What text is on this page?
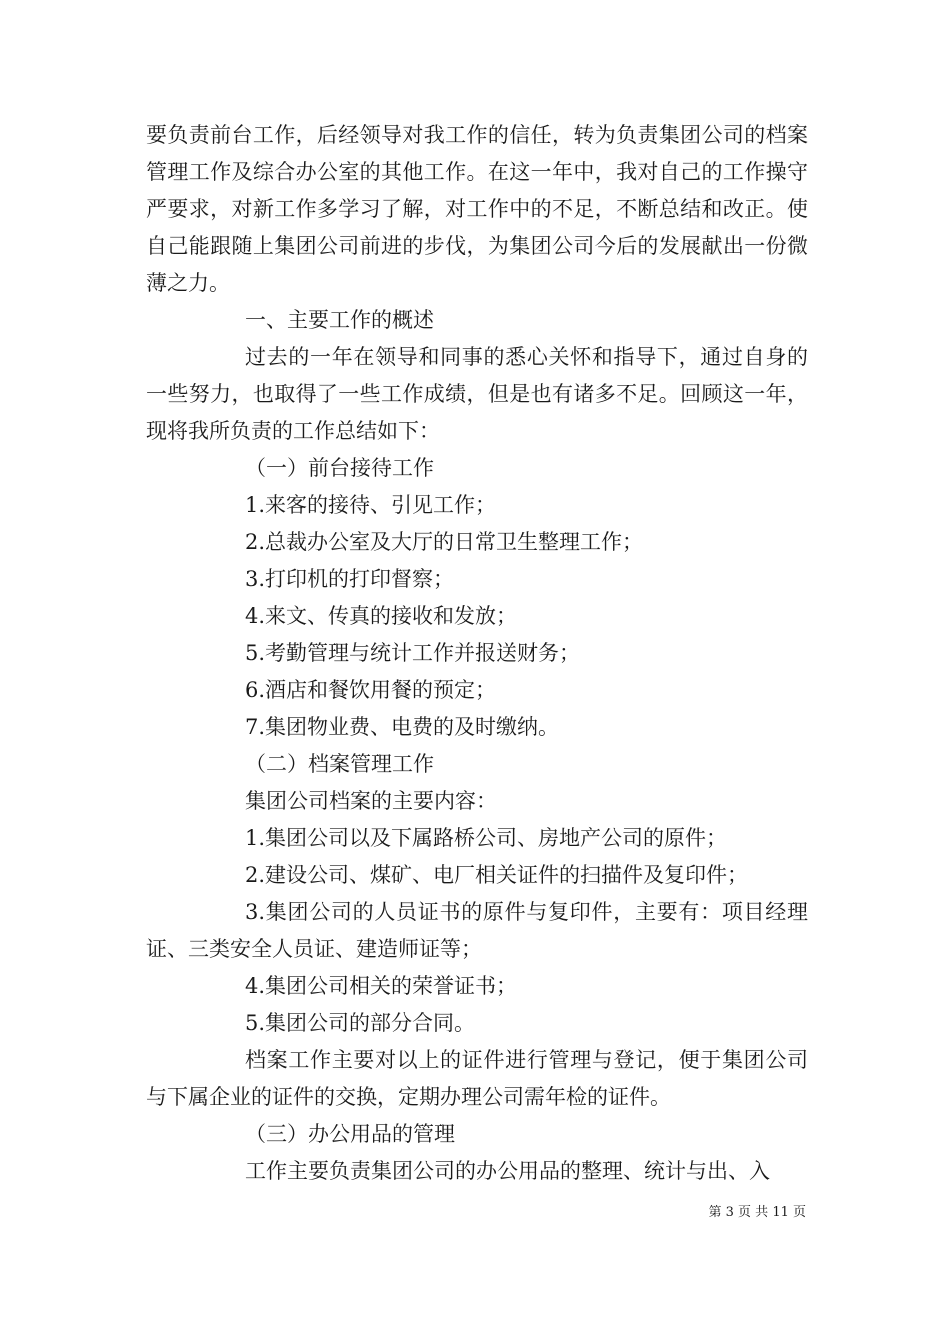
要负责前台工作，后经领导对我工作的信任，转为负责集团公司的档案管理工作及综合办公室的其他工作。在这一年中，我对自己的工作操守严要求，对新工作多学习了解，对工作中的不足，不断总结和改正。使自己能跟随上集团公司前进的步伐，为集团公司今后的发展献出一份微薄之力。

一、主要工作的概述

过去的一年在领导和同事的悉心关怀和指导下，通过自身的一些努力，也取得了一些工作成绩，但是也有诸多不足。回顾这一年，现将我所负责的工作总结如下：

（一）前台接待工作

1.来客的接待、引见工作；

2.总裁办公室及大厅的日常卫生整理工作；

3.打印机的打印督察；

4.来文、传真的接收和发放；

5.考勤管理与统计工作并报送财务；

6.酒店和餐饮用餐的预定；

7.集团物业费、电费的及时缴纳。

（二）档案管理工作

集团公司档案的主要内容：

1.集团公司以及下属路桥公司、房地产公司的原件；

2.建设公司、煤矿、电厂相关证件的扫描件及复印件；

3.集团公司的人员证书的原件与复印件，主要有：项目经理证、三类安全人员证、建造师证等；

4.集团公司相关的荣誉证书；

5.集团公司的部分合同。

档案工作主要对以上的证件进行管理与登记，便于集团公司与下属企业的证件的交换，定期办理公司需年检的证件。

（三）办公用品的管理

工作主要负责集团公司的办公用品的整理、统计与出、入

第 3 页 共 11 页
